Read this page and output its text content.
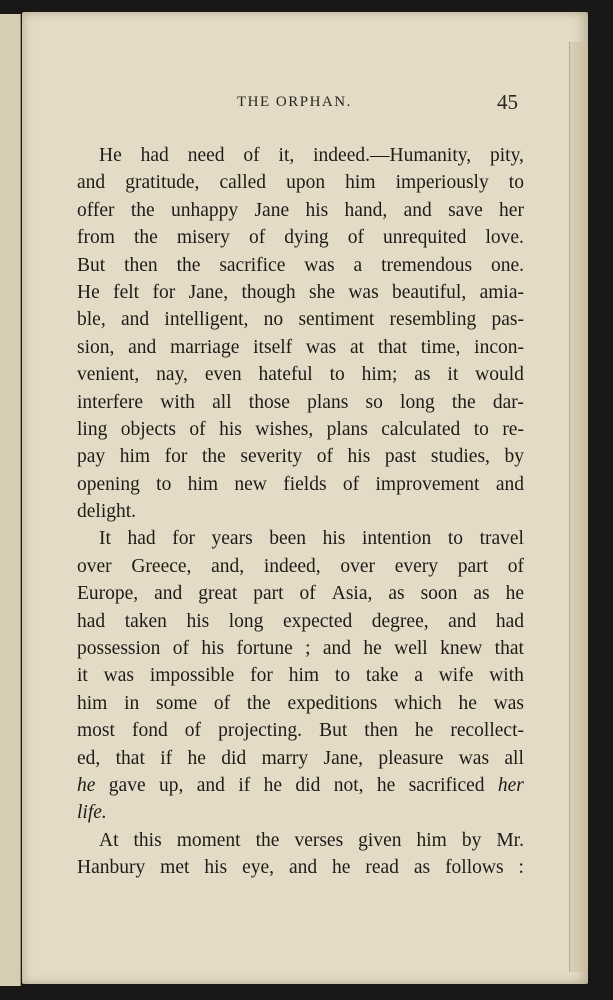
THE ORPHAN.	45
He had need of it, indeed.—Humanity, pity,
and gratitude, called upon him imperiously to
offer the unhappy Jane his hand, and save her
from the misery of dying of unrequited love.
But then the sacrifice was a tremendous one.
He felt for Jane, though she was beautiful, amia-
ble, and intelligent, no sentiment resembling pas-
sion, and marriage itself was at that time, incon-
venient, nay, even hateful to him; as it would
interfere with all those plans so long the dar-
ling objects of his wishes, plans calculated to re-
pay him for the severity of his past studies, by
opening to him new fields of improvement and
delight.
It had for years been his intention to travel
over Greece, and, indeed, over every part of
Europe, and great part of Asia, as soon as he
had taken his long expected degree, and had
possession of his fortune ; and he well knew that
it was impossible for him to take a wife with
him in some of the expeditions which he was
most fond of projecting. But then he recollect-
ed, that if he did marry Jane, pleasure was all
he gave up, and if he did not, he sacrificed her
life.
At this moment the verses given him by Mr.
Hanbury met his eye, and he read as follows :
